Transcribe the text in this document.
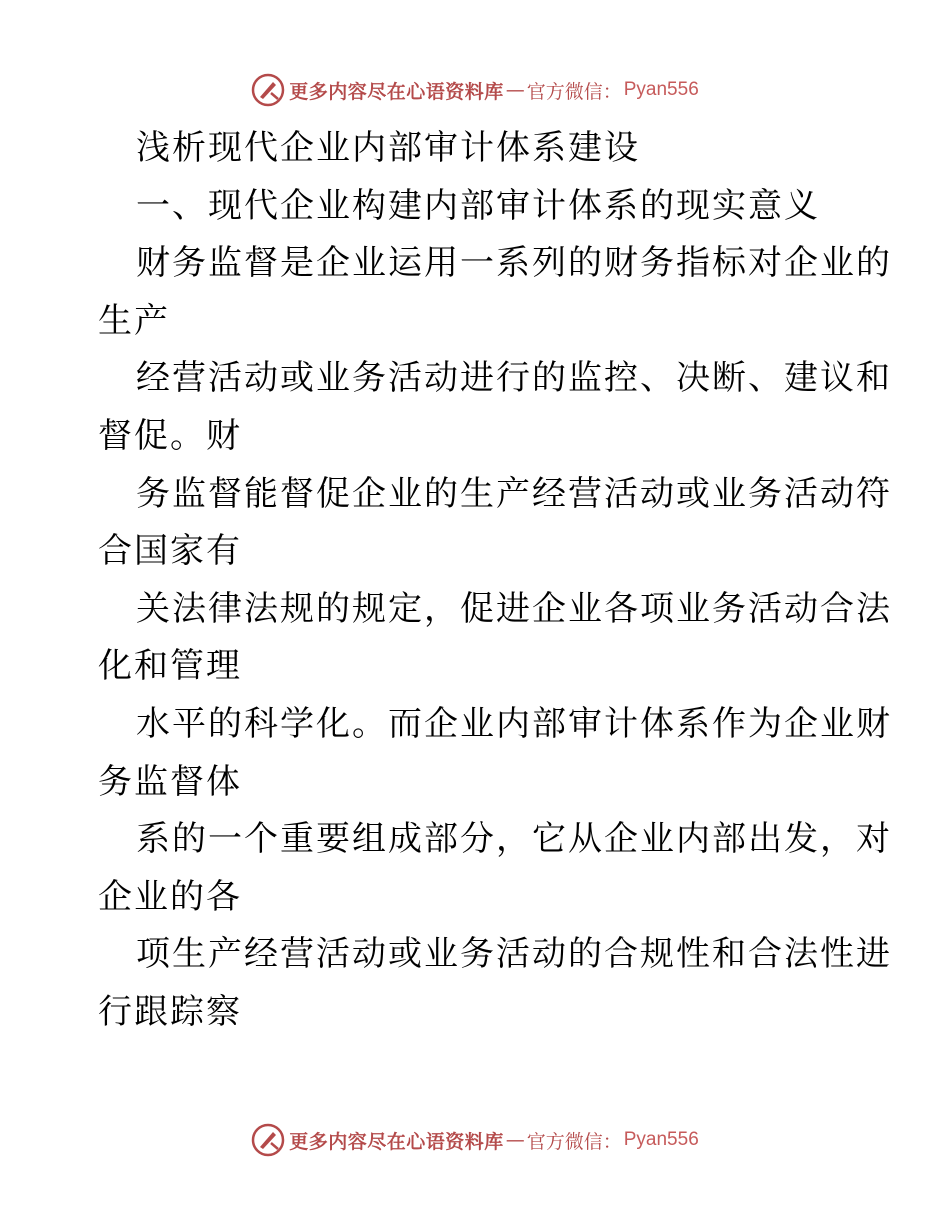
更多内容尽在心语资料库 — 官方微信： Pyan556
浅析现代企业内部审计体系建设
一、现代企业构建内部审计体系的现实意义
财务监督是企业运用一系列的财务指标对企业的
生产
经营活动或业务活动进行的监控、决断、建议和
督促。财
务监督能督促企业的生产经营活动或业务活动符
合国家有
关法律法规的规定，促进企业各项业务活动合法
化和管理
水平的科学化。而企业内部审计体系作为企业财
务监督体
系的一个重要组成部分，它从企业内部出发，对
企业的各
项生产经营活动或业务活动的合规性和合法性进
行跟踪察
更多内容尽在心语资料库 — 官方微信： Pyan556
